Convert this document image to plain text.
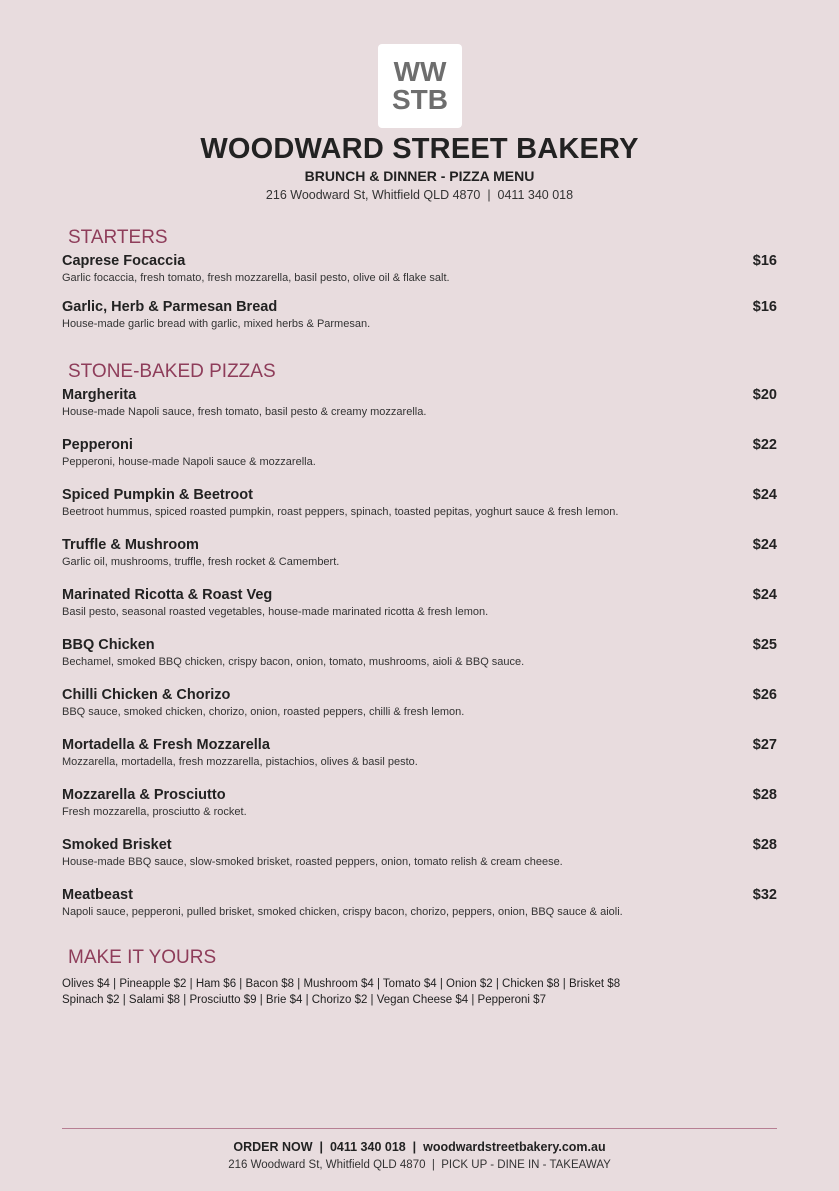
WW
STB
WOODWARD STREET BAKERY
BRUNCH & DINNER - PIZZA MENU
216 Woodward St, Whitfield QLD 4870  |  0411 340 018
STARTERS
Caprese Focaccia	$16
Garlic focaccia, fresh tomato, fresh mozzarella, basil pesto, olive oil & flake salt.
Garlic, Herb & Parmesan Bread	$16
House-made garlic bread with garlic, mixed herbs & Parmesan.
STONE-BAKED PIZZAS
Margherita	$20
House-made Napoli sauce, fresh tomato, basil pesto & creamy mozzarella.
Pepperoni	$22
Pepperoni, house-made Napoli sauce & mozzarella.
Spiced Pumpkin & Beetroot	$24
Beetroot hummus, spiced roasted pumpkin, roast peppers, spinach, toasted pepitas, yoghurt sauce & fresh lemon.
Truffle & Mushroom	$24
Garlic oil, mushrooms, truffle, fresh rocket & Camembert.
Marinated Ricotta & Roast Veg	$24
Basil pesto, seasonal roasted vegetables, house-made marinated ricotta & fresh lemon.
BBQ Chicken	$25
Bechamel, smoked BBQ chicken, crispy bacon, onion, tomato, mushrooms, aioli & BBQ sauce.
Chilli Chicken & Chorizo	$26
BBQ sauce, smoked chicken, chorizo, onion, roasted peppers, chilli & fresh lemon.
Mortadella & Fresh Mozzarella	$27
Mozzarella, mortadella, fresh mozzarella, pistachios, olives & basil pesto.
Mozzarella & Prosciutto	$28
Fresh mozzarella, prosciutto & rocket.
Smoked Brisket	$28
House-made BBQ sauce, slow-smoked brisket, roasted peppers, onion, tomato relish & cream cheese.
Meatbeast	$32
Napoli sauce, pepperoni, pulled brisket, smoked chicken, crispy bacon, chorizo, peppers, onion, BBQ sauce & aioli.
MAKE IT YOURS
Olives $4 | Pineapple $2 | Ham $6 | Bacon $8 | Mushroom $4 | Tomato $4 | Onion $2 | Chicken $8 | Brisket $8
Spinach $2 | Salami $8 | Prosciutto $9 | Brie $4 | Chorizo $2 | Vegan Cheese $4 | Pepperoni $7
ORDER NOW  |  0411 340 018  |  woodwardstreetbakery.com.au
216 Woodward St, Whitfield QLD 4870  |  PICK UP - DINE IN - TAKEAWAY
